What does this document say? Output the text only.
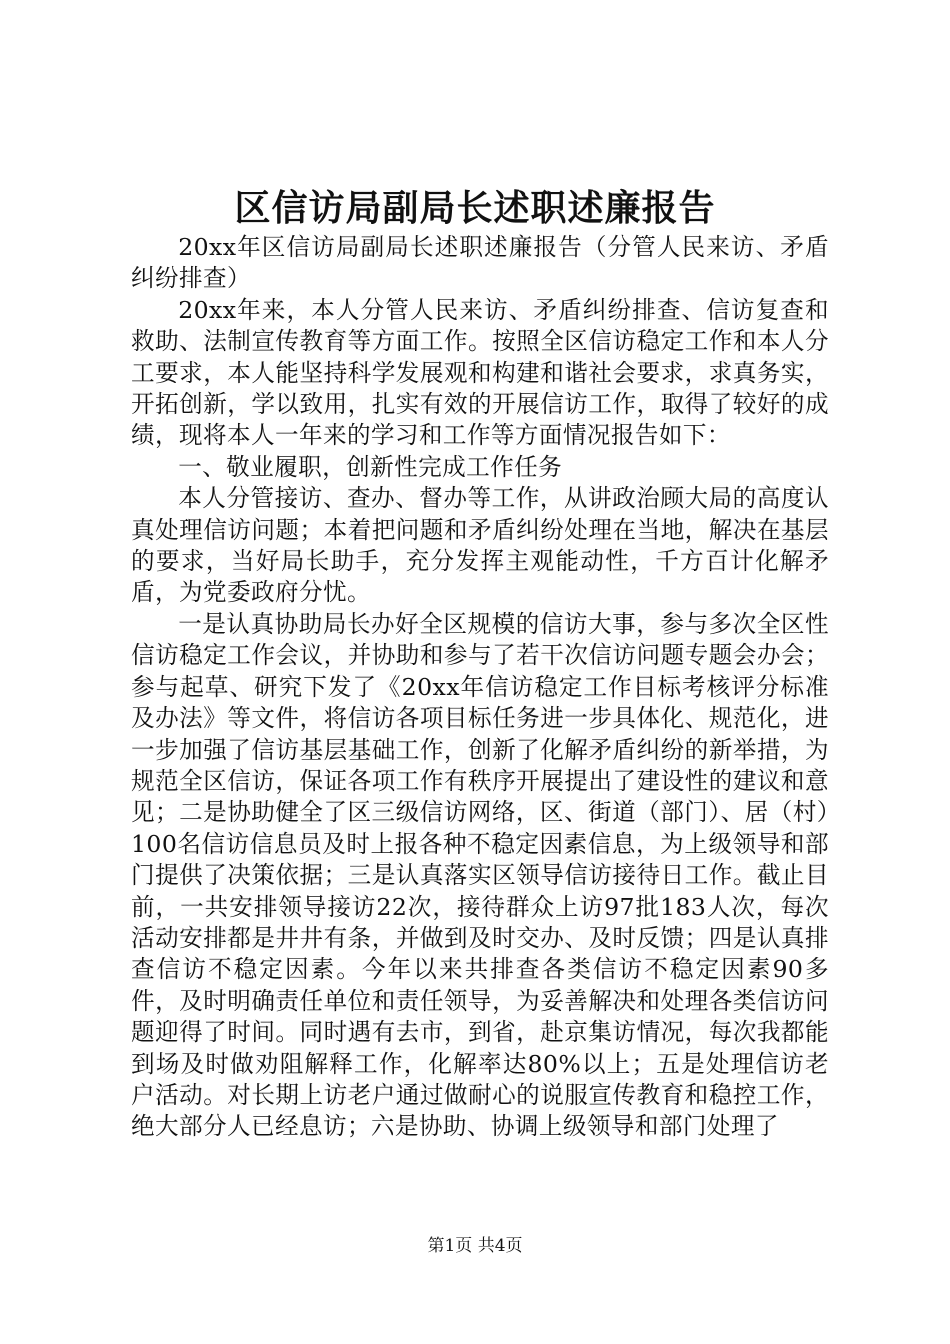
区信访局副局长述职述廉报告

20xx年区信访局副局长述职述廉报告（分管人民来访、矛盾纠纷排查）

20xx年来，本人分管人民来访、矛盾纠纷排查、信访复查和救助、法制宣传教育等方面工作。按照全区信访稳定工作和本人分工要求，本人能坚持科学发展观和构建和谐社会要求，求真务实，开拓创新，学以致用，扎实有效的开展信访工作，取得了较好的成绩，现将本人一年来的学习和工作等方面情况报告如下：

一、敬业履职，创新性完成工作任务

本人分管接访、查办、督办等工作，从讲政治顾大局的高度认真处理信访问题；本着把问题和矛盾纠纷处理在当地，解决在基层的要求，当好局长助手，充分发挥主观能动性，千方百计化解矛盾，为党委政府分忧。

一是认真协助局长办好全区规模的信访大事，参与多次全区性信访稳定工作会议，并协助和参与了若干次信访问题专题会办会；参与起草、研究下发了《20xx年信访稳定工作目标考核评分标准及办法》等文件，将信访各项目标任务进一步具体化、规范化，进一步加强了信访基层基础工作，创新了化解矛盾纠纷的新举措，为规范全区信访，保证各项工作有秩序开展提出了建设性的建议和意见；二是协助健全了区三级信访网络，区、街道（部门）、居（村）100名信访信息员及时上报各种不稳定因素信息，为上级领导和部门提供了决策依据；三是认真落实区领导信访接待日工作。截止目前，一共安排领导接访22次，接待群众上访97批183人次，每次活动安排都是井井有条，并做到及时交办、及时反馈；四是认真排查信访不稳定因素。今年以来共排查各类信访不稳定因素90多件，及时明确责任单位和责任领导，为妥善解决和处理各类信访问题迎得了时间。同时遇有去市，到省，赴京集访情况，每次我都能到场及时做劝阻解释工作，化解率达80%以上；五是处理信访老户活动。对长期上访老户通过做耐心的说服宣传教育和稳控工作，绝大部分人已经息访；六是协助、协调上级领导和部门处理了

第1页 共4页
